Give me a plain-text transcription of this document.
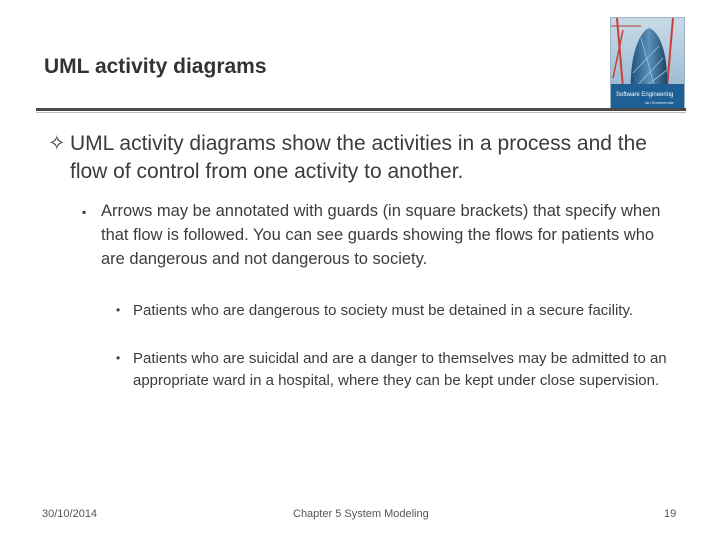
UML activity diagrams
Software Engineering
Ian Sommerville
✧ UML activity diagrams show the activities in a process and the flow of control from one activity to another.
▪ Arrows may be annotated with guards (in square brackets) that specify when that flow is followed. You can see guards showing the flows for patients who are dangerous and not dangerous to society.
• Patients who are dangerous to society must be detained in a secure facility.
• Patients who are suicidal and are a danger to themselves may be admitted to an appropriate ward in a hospital, where they can be kept under close supervision.
30/10/2014	Chapter 5 System Modeling	19
